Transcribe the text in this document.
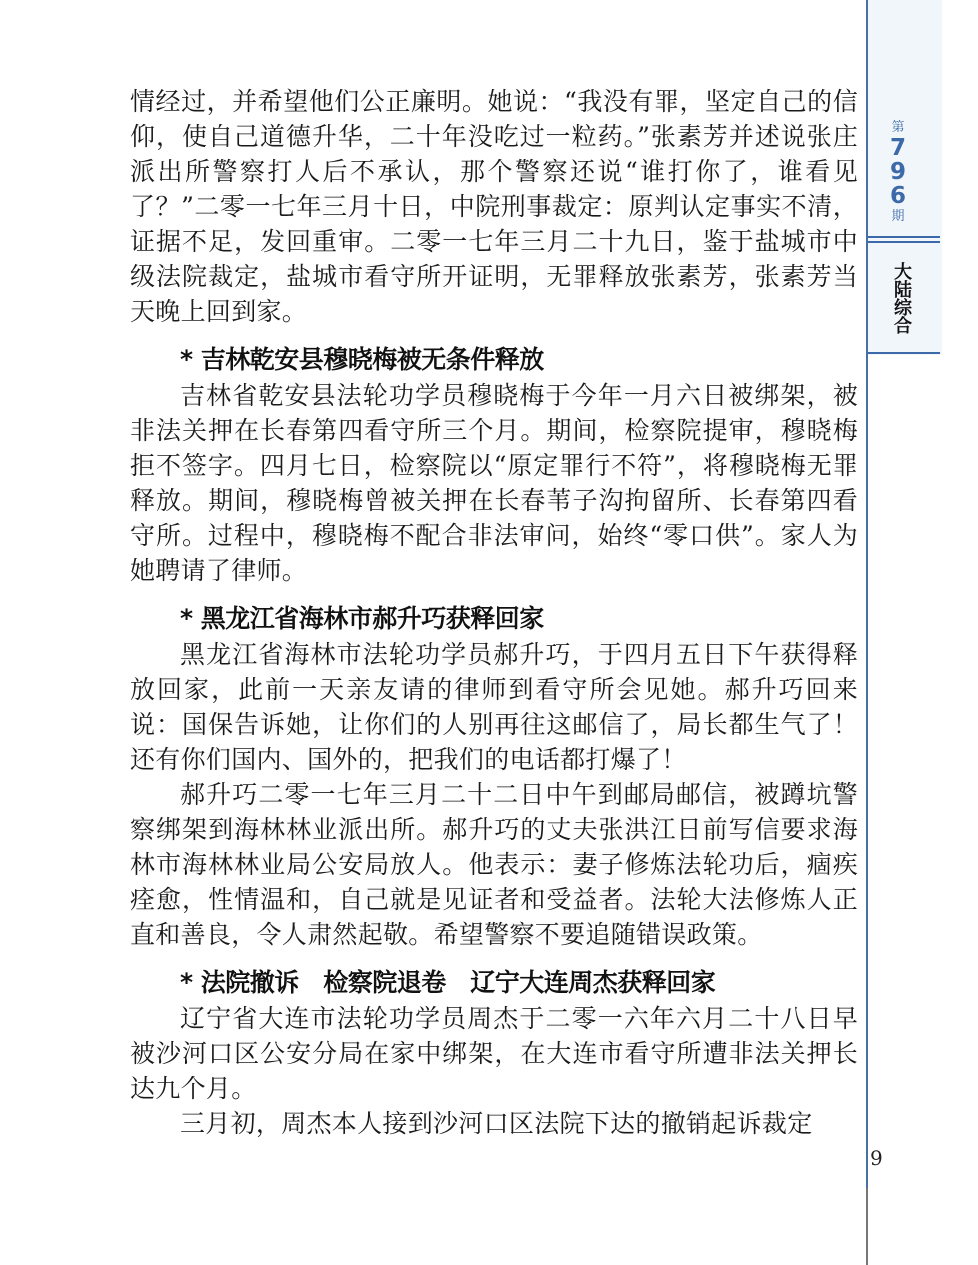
情经过，并希望他们公正廉明。她说：“我没有罪，坚定自己的信仰，使自己道德升华，二十年没吃过一粒药。”张素芳并述说张庄派出所警察打人后不承认，那个警察还说“谁打你了，谁看见了？”二零一七年三月十日，中院刑事裁定：原判认定事实不清，证据不足，发回重审。二零一七年三月二十九日，鉴于盐城市中级法院裁定，盐城市看守所开证明，无罪释放张素芳，张素芳当天晚上回到家。

* 吉林乾安县穆晓梅被无条件释放

吉林省乾安县法轮功学员穆晓梅于今年一月六日被绑架，被非法关押在长春第四看守所三个月。期间，检察院提审，穆晓梅拒不签字。四月七日，检察院以“原定罪行不符”，将穆晓梅无罪释放。期间，穆晓梅曾被关押在长春苇子沟拘留所、长春第四看守所。过程中，穆晓梅不配合非法审问，始终“零口供”。家人为她聘请了律师。

* 黑龙江省海林市郝升巧获释回家

黑龙江省海林市法轮功学员郝升巧，于四月五日下午获得释放回家，此前一天亲友请的律师到看守所会见她。郝升巧回来说：国保告诉她，让你们的人别再往这邮信了，局长都生气了！还有你们国内、国外的，把我们的电话都打爆了！

郝升巧二零一七年三月二十二日中午到邮局邮信，被蹲坑警察绑架到海林林业派出所。郝升巧的丈夫张洪江日前写信要求海林市海林林业局公安局放人。他表示：妻子修炼法轮功后，痼疾痊愈，性情温和，自己就是见证者和受益者。法轮大法修炼人正直和善良，令人肃然起敬。希望警察不要追随错误政策。

* 法院撤诉　检察院退卷　辽宁大连周杰获释回家

辽宁省大连市法轮功学员周杰于二零一六年六月二十八日早被沙河口区公安分局在家中绑架，在大连市看守所遭非法关押长达九个月。

三月初，周杰本人接到沙河口区法院下达的撤销起诉裁定

第
7
9
6
期
大陆综合
9
